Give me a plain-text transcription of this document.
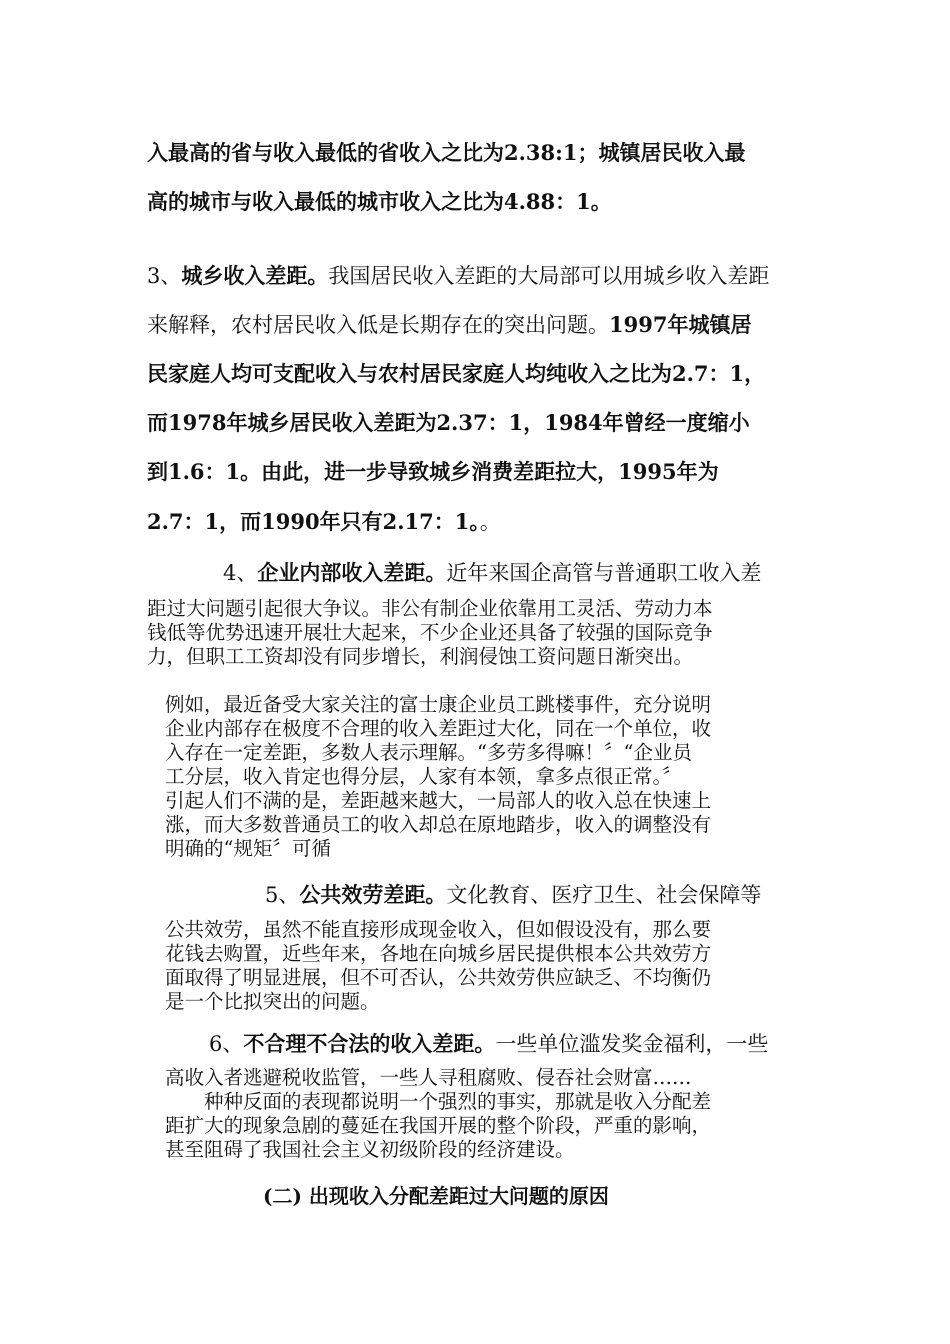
入最高的省与收入最低的省收入之比为2.38:1；城镇居民收入最
高的城市与收入最低的城市收入之比为4.88：1。
3、城乡收入差距。我国居民收入差距的大局部可以用城乡收入差距
来解释，农村居民收入低是长期存在的突出问题。1997年城镇居
民家庭人均可支配收入与农村居民家庭人均纯收入之比为2.7：1，
而1978年城乡居民收入差距为2.37：1，1984年曾经一度缩小
到1.6：1。由此，进一步导致城乡消费差距拉大，1995年为
2.7：1，而1990年只有2.17：1。。
4、企业内部收入差距。近年来国企高管与普通职工收入差
距过大问题引起很大争议。非公有制企业依靠用工灵活、劳动力本
钱低等优势迅速开展壮大起来，不少企业还具备了较强的国际竞争
力，但职工工资却没有同步增长，利润侵蚀工资问题日渐突出。
例如，最近备受大家关注的富士康企业员工跳楼事件，充分说明
企业内部存在极度不合理的收入差距过大化，同在一个单位，收
入存在一定差距，多数人表示理解。“多劳多得嘛！〞“企业员
工分层，收入肯定也得分层，人家有本领，拿多点很正常。〞
引起人们不满的是，差距越来越大，一局部人的收入总在快速上
涨，而大多数普通员工的收入却总在原地踏步，收入的调整没有
明确的“规矩〞可循
5、公共效劳差距。文化教育、医疗卫生、社会保障等
公共效劳，虽然不能直接形成现金收入，但如假设没有，那么要
花钱去购置，近些年来，各地在向城乡居民提供根本公共效劳方
面取得了明显进展，但不可否认，公共效劳供应缺乏、不均衡仍
是一个比拟突出的问题。
6、不合理不合法的收入差距。一些单位滥发奖金福利，一些
高收入者逃避税收监管，一些人寻租腐败、侵吞社会财富……
　　种种反面的表现都说明一个强烈的事实，那就是收入分配差
距扩大的现象急剧的蔓延在我国开展的整个阶段，严重的影响，
甚至阻碍了我国社会主义初级阶段的经济建设。
(二) 出现收入分配差距过大问题的原因
